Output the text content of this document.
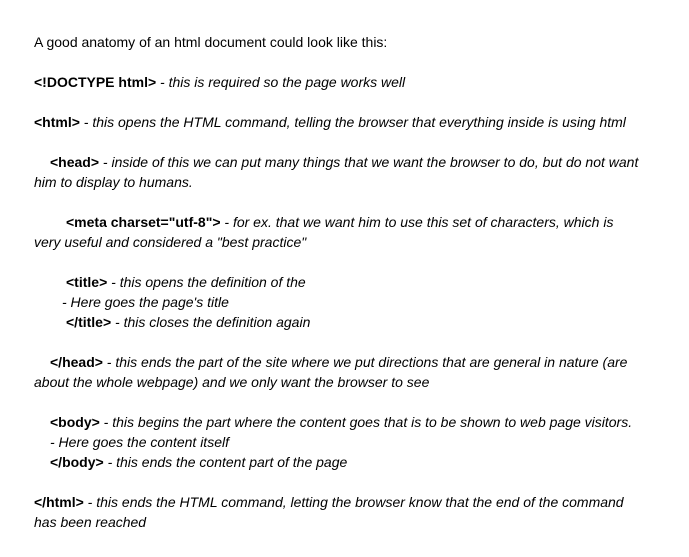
A good anatomy of an html document could look like this:
<!DOCTYPE html> - this is required so the page works well
<html> - this opens the HTML command, telling the browser that everything inside is using html
<head> - inside of this we can put many things that we want the browser to do, but do not want
him to display to humans.
<meta charset="utf-8"> - for ex. that we want him to use this set of characters, which is
very useful and considered a "best practice"
<title> - this opens the definition of the
- Here goes the page's title
</title> - this closes the definition again
</head> - this ends the part of the site where we put directions that are general in nature (are
about the whole webpage) and we only want the browser to see
<body> - this begins the part where the content goes that is to be shown to web page visitors.
- Here goes the content itself
</body> - this ends the content part of the page
</html> - this ends the HTML command, letting the browser know that the end of the command
has been reached
